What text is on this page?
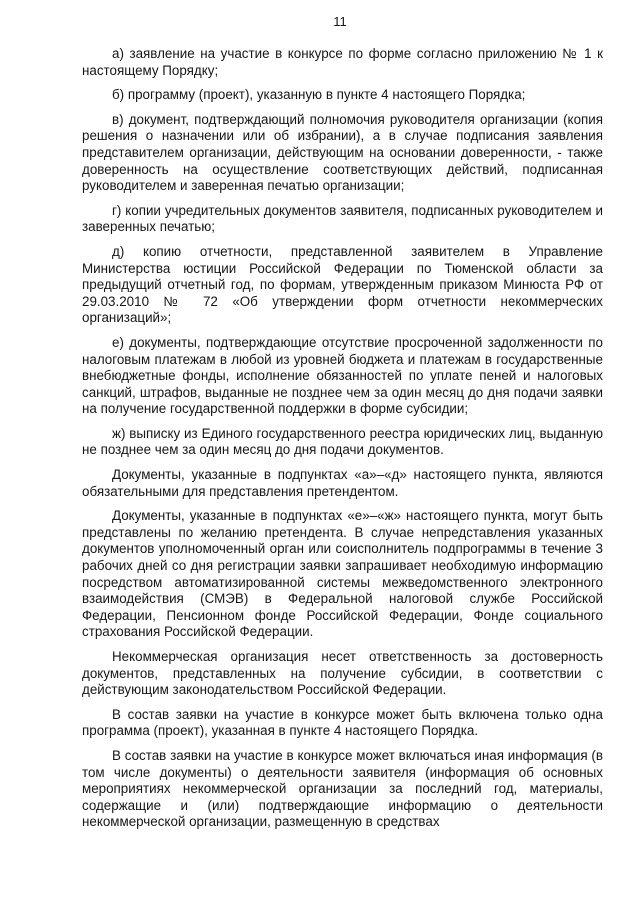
11

а) заявление на участие в конкурсе по форме согласно приложению № 1 к настоящему Порядку;

б) программу (проект), указанную в пункте 4 настоящего Порядка;

в) документ, подтверждающий полномочия руководителя организации (копия решения о назначении или об избрании), а в случае подписания заявления представителем организации, действующим на основании доверенности, - также доверенность на осуществление соответствующих действий, подписанная руководителем и заверенная печатью организации;

г) копии учредительных документов заявителя, подписанных руководителем и заверенных печатью;

д) копию отчетности, представленной заявителем в Управление Министерства юстиции Российской Федерации по Тюменской области за предыдущий отчетный год, по формам, утвержденным приказом Минюста РФ от 29.03.2010 № 72 «Об утверждении форм отчетности некоммерческих организаций»;

е) документы, подтверждающие отсутствие просроченной задолженности по налоговым платежам в любой из уровней бюджета и платежам в государственные внебюджетные фонды, исполнение обязанностей по уплате пеней и налоговых санкций, штрафов, выданные не позднее чем за один месяц до дня подачи заявки на получение государственной поддержки в форме субсидии;

ж) выписку из Единого государственного реестра юридических лиц, выданную не позднее чем за один месяц до дня подачи документов.

Документы, указанные в подпунктах «а»–«д» настоящего пункта, являются обязательными для представления претендентом.

Документы, указанные в подпунктах «е»–«ж» настоящего пункта, могут быть представлены по желанию претендента. В случае непредставления указанных документов уполномоченный орган или соисполнитель подпрограммы в течение 3 рабочих дней со дня регистрации заявки запрашивает необходимую информацию посредством автоматизированной системы межведомственного электронного взаимодействия (СМЭВ) в Федеральной налоговой службе Российской Федерации, Пенсионном фонде Российской Федерации, Фонде социального страхования Российской Федерации.

Некоммерческая организация несет ответственность за достоверность документов, представленных на получение субсидии, в соответствии с действующим законодательством Российской Федерации.

В состав заявки на участие в конкурсе может быть включена только одна программа (проект), указанная в пункте 4 настоящего Порядка.

В состав заявки на участие в конкурсе может включаться иная информация (в том числе документы) о деятельности заявителя (информация об основных мероприятиях некоммерческой организации за последний год, материалы, содержащие и (или) подтверждающие информацию о деятельности некоммерческой организации, размещенную в средствах
